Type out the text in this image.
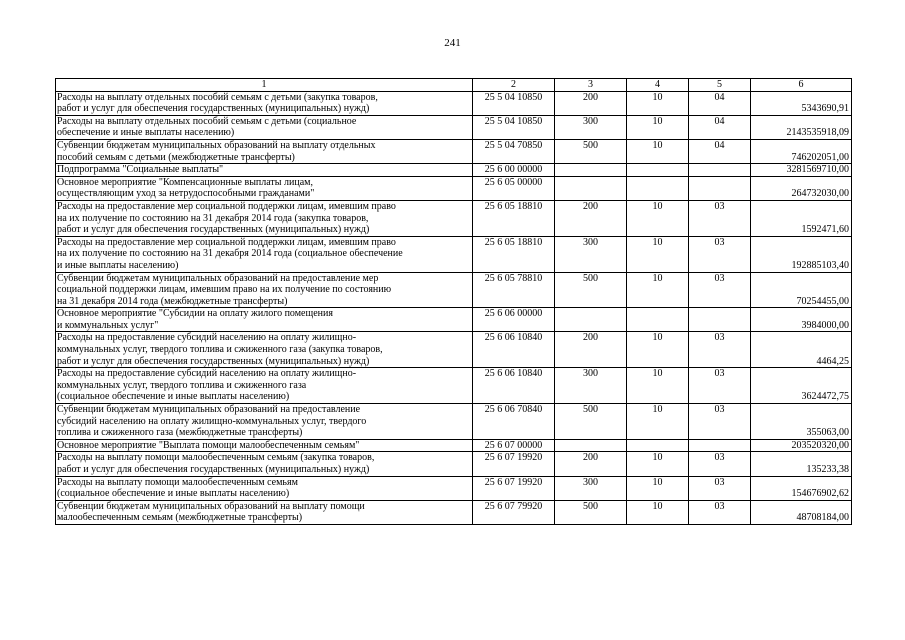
241
1	2	3	4	5	6

Расходы на выплату отдельных пособий семьям с детьми (закупка товаров,
работ и услуг для обеспечения государственных (муниципальных) нужд)	25 5 04 10850	200	10	04	5343690,91

Расходы на выплату отдельных пособий семьям с детьми (социальное
обеспечение и иные выплаты населению)	25 5 04 10850	300	10	04	2143535918,09

Субвенции бюджетам муниципальных образований на выплату отдельных
пособий семьям с детьми (межбюджетные трансферты)	25 5 04 70850	500	10	04	746202051,00

Подпрограмма "Социальные выплаты"	25 6 00 00000				3281569710,00

Основное мероприятие "Компенсационные выплаты лицам,
осуществляющим уход за нетрудоспособными гражданами"	25 6 05 00000				264732030,00

Расходы на предоставление мер социальной поддержки лицам, имевшим право
на их получение по состоянию на 31 декабря 2014 года (закупка товаров,
работ и услуг для обеспечения государственных (муниципальных) нужд)	25 6 05 18810	200	10	03	1592471,60

Расходы на предоставление мер социальной поддержки лицам, имевшим право
на их получение по состоянию на 31 декабря 2014 года (социальное обеспечение
и иные выплаты населению)	25 6 05 18810	300	10	03	192885103,40

Субвенции бюджетам муниципальных образований на предоставление мер
социальной поддержки лицам, имевшим право на их получение по состоянию
на 31 декабря 2014 года (межбюджетные трансферты)	25 6 05 78810	500	10	03	70254455,00

Основное мероприятие "Субсидии на оплату жилого помещения
и коммунальных услуг"	25 6 06 00000				3984000,00

Расходы на предоставление субсидий населению на оплату жилищно-
коммунальных услуг, твердого топлива и сжиженного газа (закупка товаров,
работ и услуг для обеспечения государственных (муниципальных) нужд)	25 6 06 10840	200	10	03	4464,25

Расходы на предоставление субсидий населению на оплату жилищно-
коммунальных услуг, твердого топлива и сжиженного газа
(социальное обеспечение и иные выплаты населению)	25 6 06 10840	300	10	03	3624472,75

Субвенции бюджетам муниципальных образований на предоставление
субсидий населению на оплату жилищно-коммунальных услуг, твердого
топлива и сжиженного газа (межбюджетные трансферты)	25 6 06 70840	500	10	03	355063,00

Основное мероприятие "Выплата помощи малообеспеченным семьям"	25 6 07 00000				203520320,00

Расходы на выплату помощи малообеспеченным семьям (закупка товаров,
работ и услуг для обеспечения государственных (муниципальных) нужд)	25 6 07 19920	200	10	03	135233,38

Расходы на выплату помощи малообеспеченным семьям
(социальное обеспечение и иные выплаты населению)	25 6 07 19920	300	10	03	154676902,62

Субвенции бюджетам муниципальных образований на выплату помощи
малообеспеченным семьям (межбюджетные трансферты)	25 6 07 79920	500	10	03	48708184,00
